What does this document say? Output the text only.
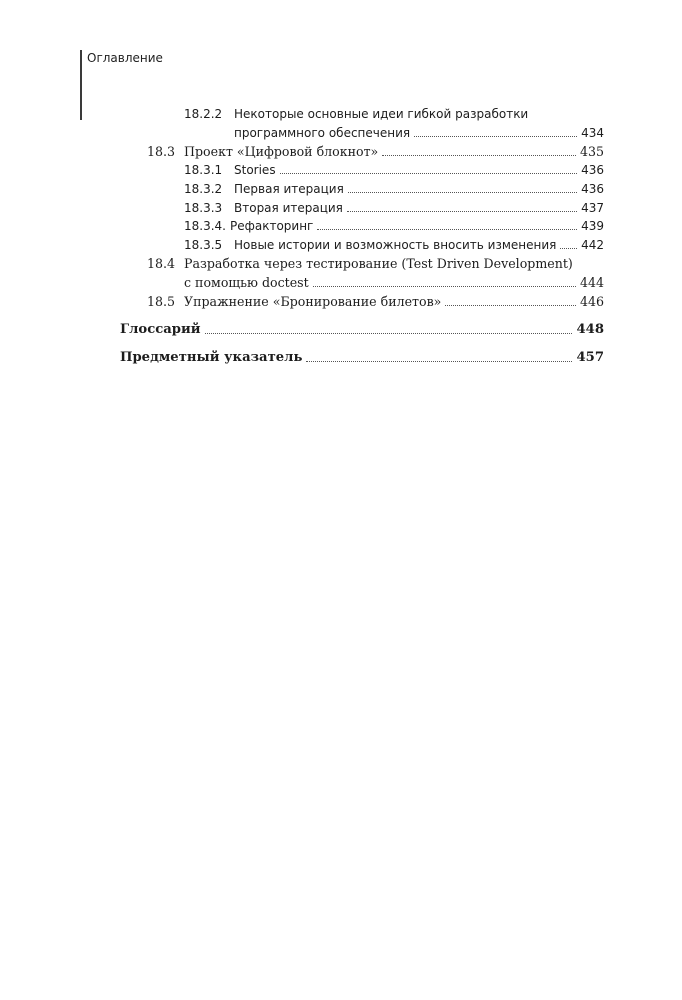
Оглавление
18.2.2 Некоторые основные идеи гибкой разработки
программного обеспечения	434
18.3 Проект «Цифровой блокнот»	435
18.3.1 Stories	436
18.3.2 Первая итерация	436
18.3.3 Вторая итерация	437
18.3.4. Рефакторинг	439
18.3.5 Новые истории и возможность вносить изменения 442
18.4 Разработка через тестирование (Test Driven Development)
с помощью doctest	444
18.5 Упражнение «Бронирование билетов»	446
Глоссарий	448
Предметный указатель	457
